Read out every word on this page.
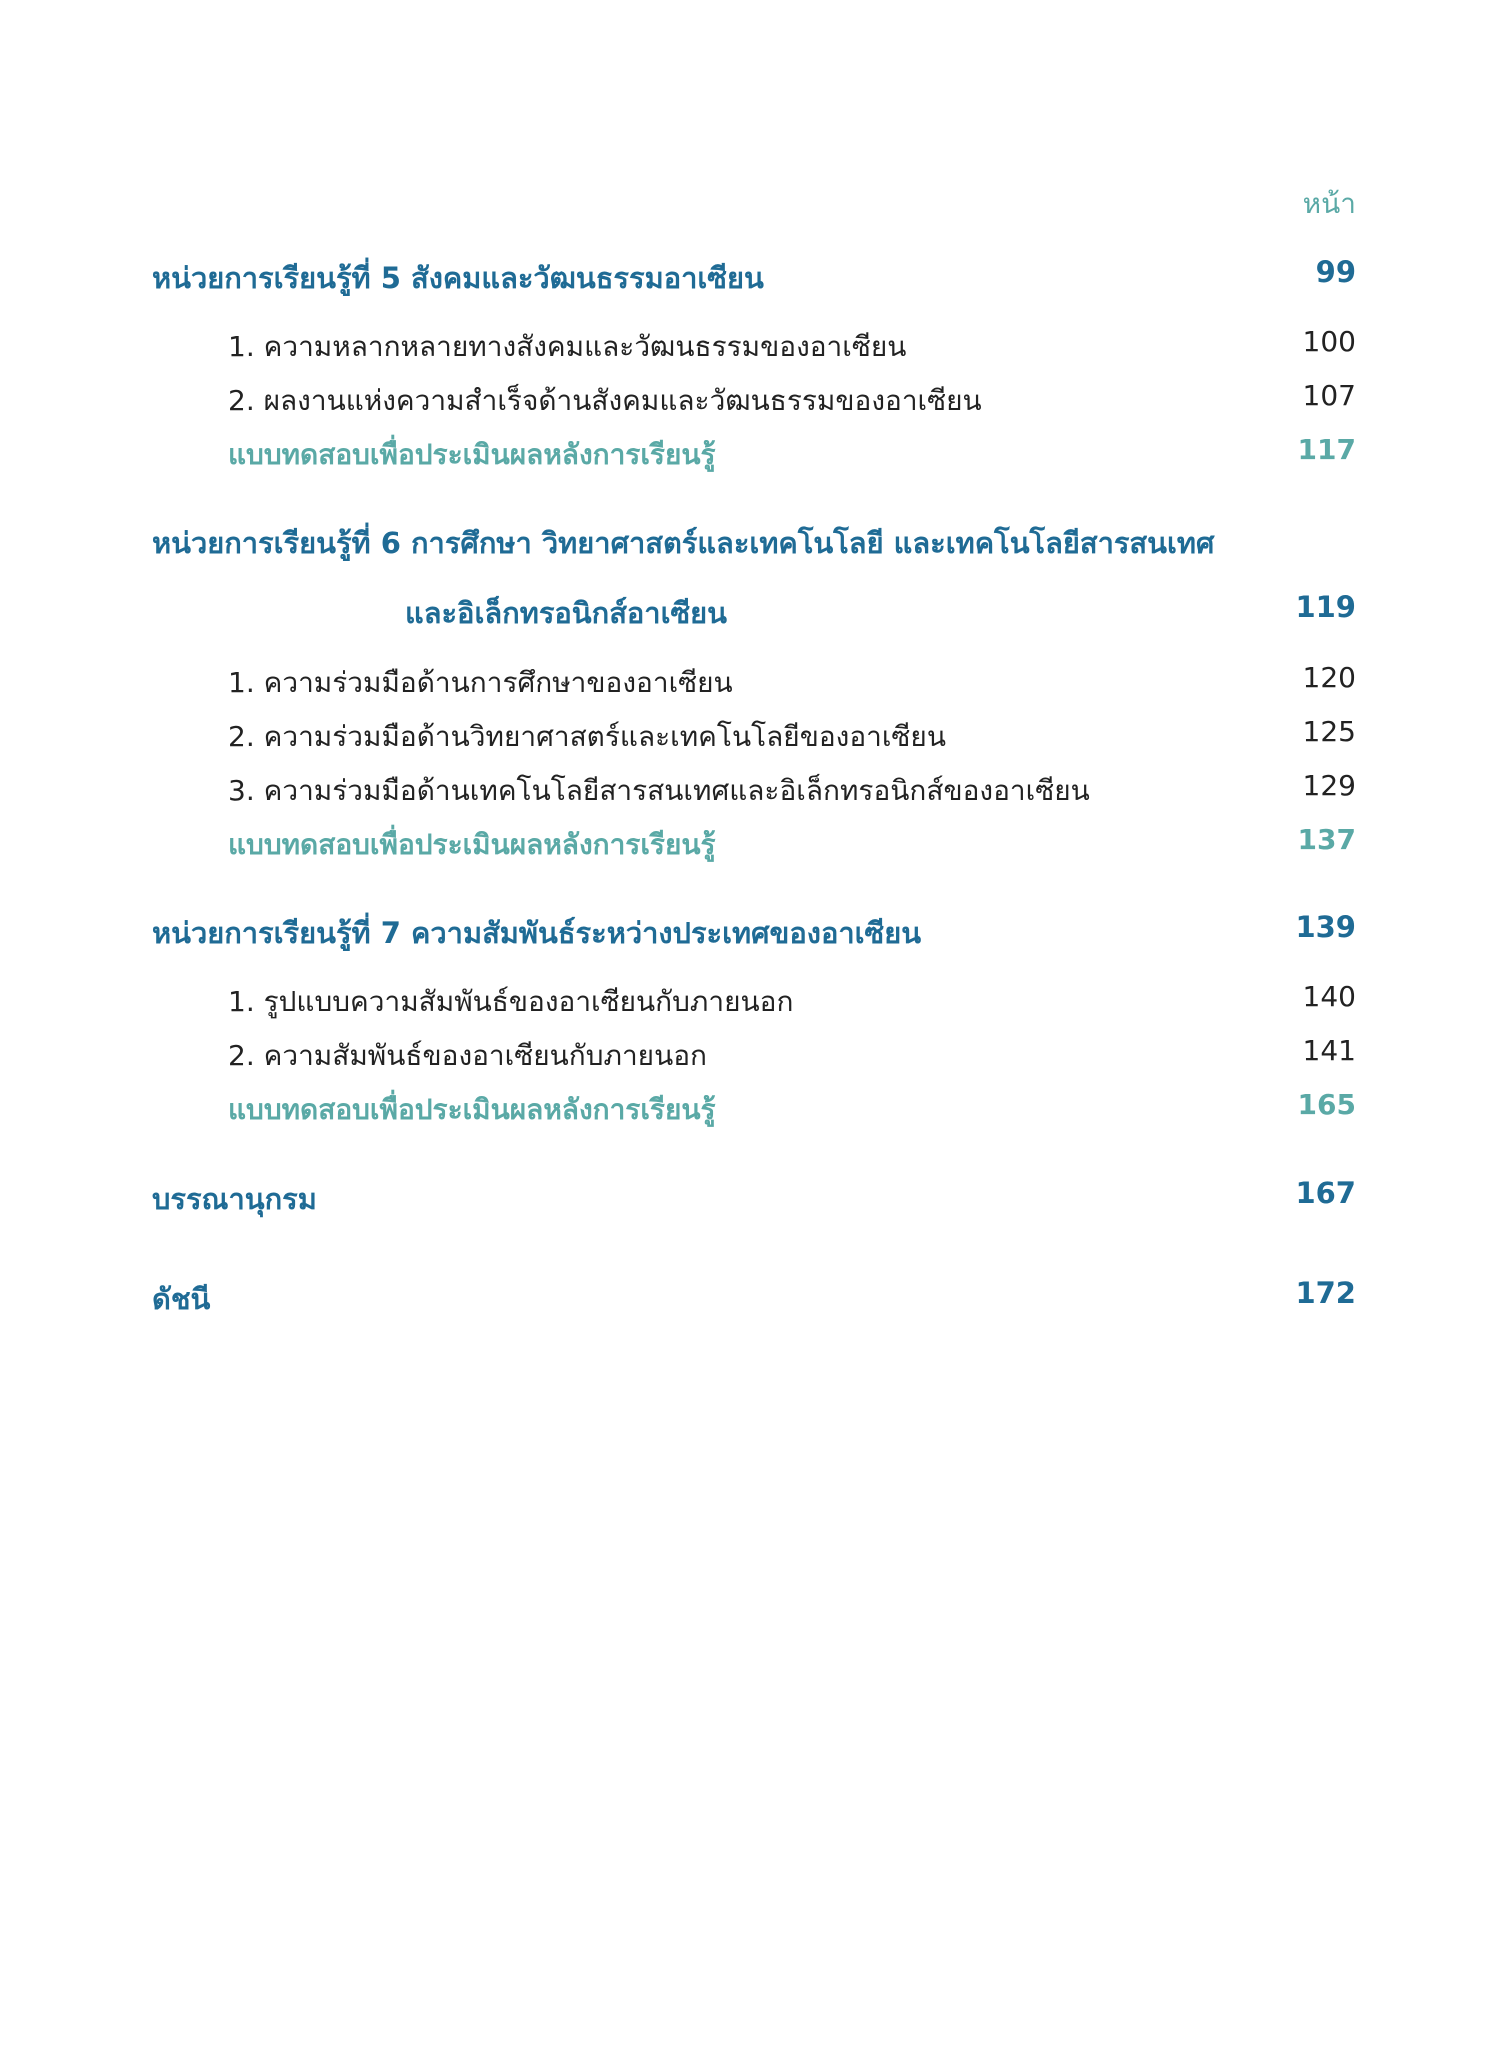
หน้า
หน่วยการเรียนรู้ที่ 5 สังคมและวัฒนธรรมอาเซียน	99
1. ความหลากหลายทางสังคมและวัฒนธรรมของอาเซียน	100
2. ผลงานแห่งความสำเร็จด้านสังคมและวัฒนธรรมของอาเซียน	107
แบบทดสอบเพื่อประเมินผลหลังการเรียนรู้	117
หน่วยการเรียนรู้ที่ 6 การศึกษา วิทยาศาสตร์และเทคโนโลยี และเทคโนโลยีสารสนเทศ
และอิเล็กทรอนิกส์อาเซียน	119
1. ความร่วมมือด้านการศึกษาของอาเซียน	120
2. ความร่วมมือด้านวิทยาศาสตร์และเทคโนโลยีของอาเซียน	125
3. ความร่วมมือด้านเทคโนโลยีสารสนเทศและอิเล็กทรอนิกส์ของอาเซียน	129
แบบทดสอบเพื่อประเมินผลหลังการเรียนรู้	137
หน่วยการเรียนรู้ที่ 7 ความสัมพันธ์ระหว่างประเทศของอาเซียน	139
1. รูปแบบความสัมพันธ์ของอาเซียนกับภายนอก	140
2. ความสัมพันธ์ของอาเซียนกับภายนอก	141
แบบทดสอบเพื่อประเมินผลหลังการเรียนรู้	165
บรรณานุกรม	167
ดัชนี	172
